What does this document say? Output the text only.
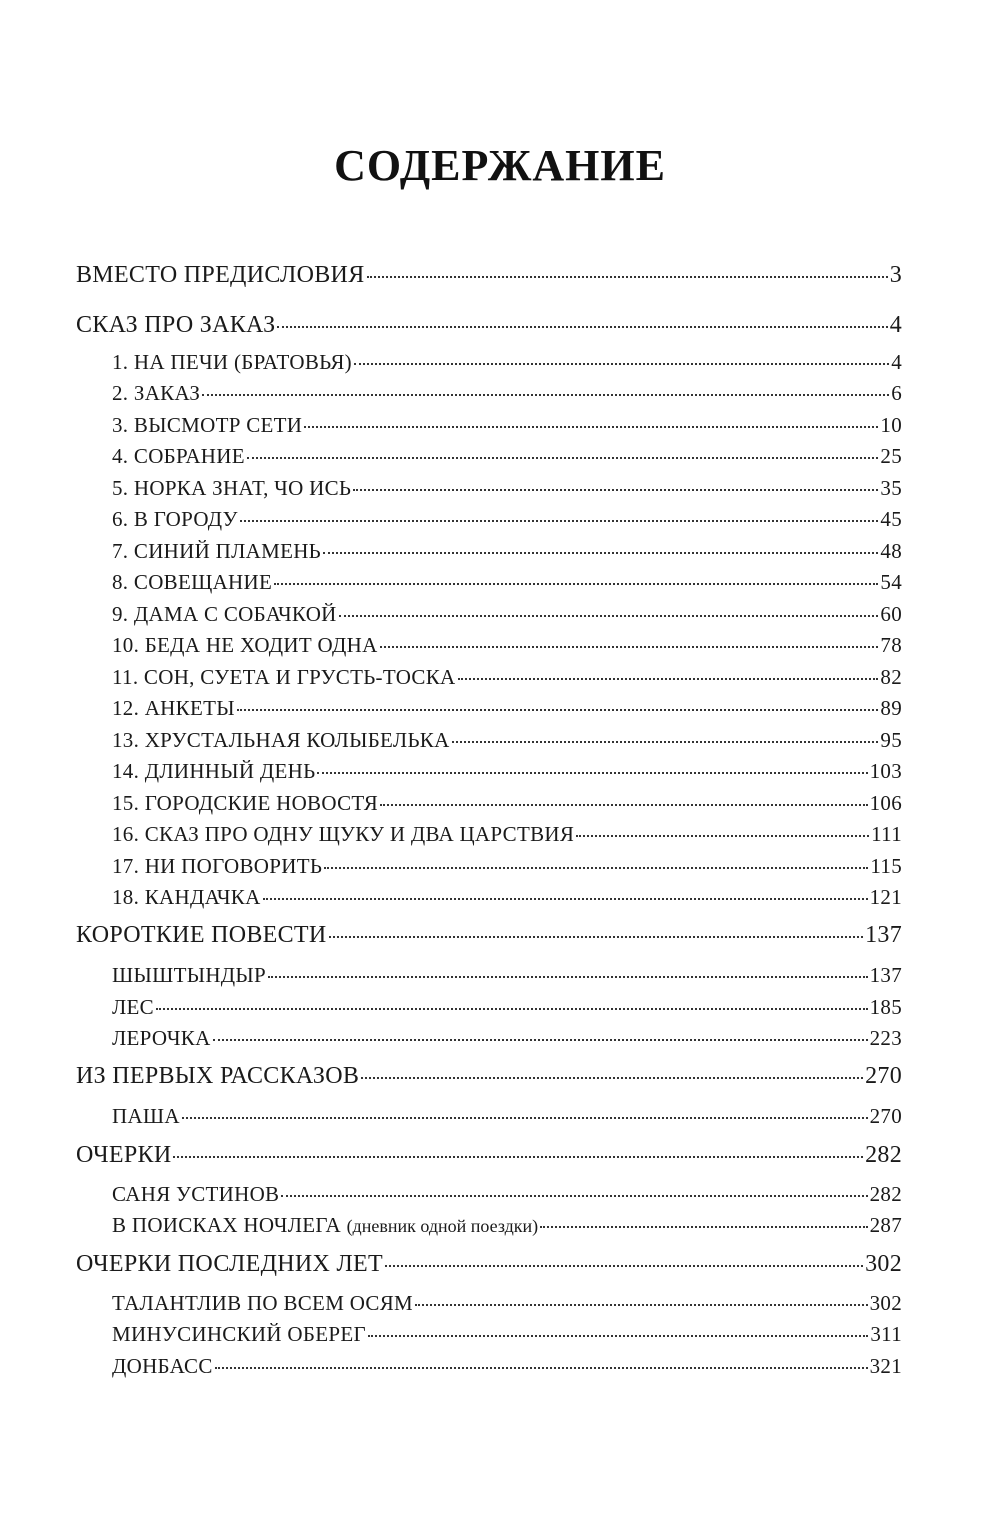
СОДЕРЖАНИЕ
ВМЕСТО ПРЕДИСЛОВИЯ	3
СКАЗ ПРО ЗАКАЗ	4
1. НА ПЕЧИ (БРАТОВЬЯ)	4
2. ЗАКАЗ	6
3. ВЫСМОТР СЕТИ	10
4. СОБРАНИЕ	25
5. НОРКА ЗНАТ, ЧО ИСЬ	35
6. В ГОРОДУ	45
7. СИНИЙ ПЛАМЕНЬ	48
8. СОВЕЩАНИЕ	54
9. ДАМА С СОБАЧКОЙ	60
10. БЕДА НЕ ХОДИТ ОДНА	78
11. СОН, СУЕТА И ГРУСТЬ-ТОСКА	82
12. АНКЕТЫ	89
13. ХРУСТАЛЬНАЯ КОЛЫБЕЛЬКА	95
14. ДЛИННЫЙ ДЕНЬ	103
15. ГОРОДСКИЕ НОВОСТЯ	106
16. СКАЗ ПРО ОДНУ ЩУКУ И ДВА ЦАРСТВИЯ	111
17. НИ ПОГОВОРИТЬ	115
18. КАНДАЧКА	121
КОРОТКИЕ ПОВЕСТИ	137
ШЫШТЫНДЫР	137
ЛЕС	185
ЛЕРОЧКА	223
ИЗ ПЕРВЫХ РАССКАЗОВ	270
ПАША	270
ОЧЕРКИ	282
САНЯ УСТИНОВ	282
В ПОИСКАХ НОЧЛЕГА (дневник одной поездки)	287
ОЧЕРКИ ПОСЛЕДНИХ ЛЕТ	302
ТАЛАНТЛИВ ПО ВСЕМ ОСЯМ	302
МИНУСИНСКИЙ ОБЕРЕГ	311
ДОНБАСС	321
